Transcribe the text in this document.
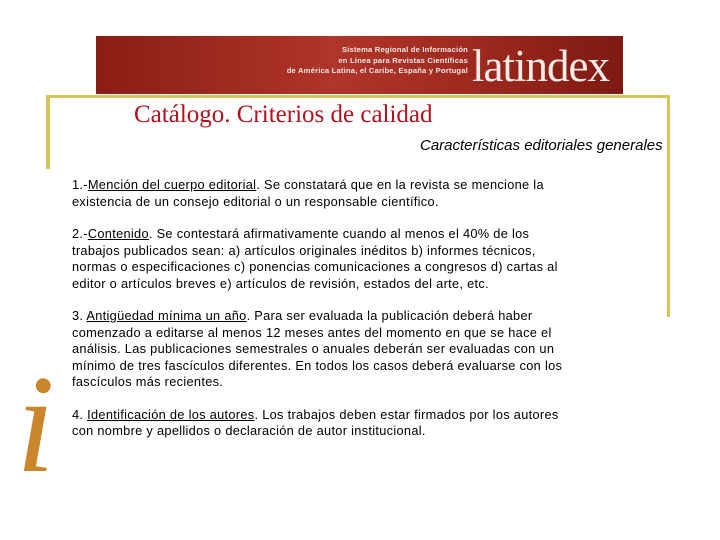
Sistema Regional de Información
en Línea para Revistas Científicas
de América Latina, el Caribe, España y Portugal latindex
Catálogo. Criterios de calidad
Características editoriales generales
i

1.-Mención del cuerpo editorial. Se constatará que en la revista se mencione la existencia de un consejo editorial o un responsable científico.

2.-Contenido. Se contestará afirmativamente cuando al menos el 40% de los trabajos publicados sean: a) artículos originales inéditos b) informes técnicos, normas o especificaciones c) ponencias comunicaciones a congresos d) cartas al editor o artículos breves e) artículos de revisión, estados del arte, etc.

3. Antigüedad mínima un año. Para ser evaluada la publicación deberá haber comenzado a editarse al menos 12 meses antes del momento en que se hace el análisis. Las publicaciones semestrales o anuales deberán ser evaluadas con un mínimo de tres fascículos diferentes. En todos los casos deberá evaluarse con los fascículos más recientes.

4. Identificación de los autores. Los trabajos deben estar firmados por los autores con nombre y apellidos o declaración de autor institucional.
